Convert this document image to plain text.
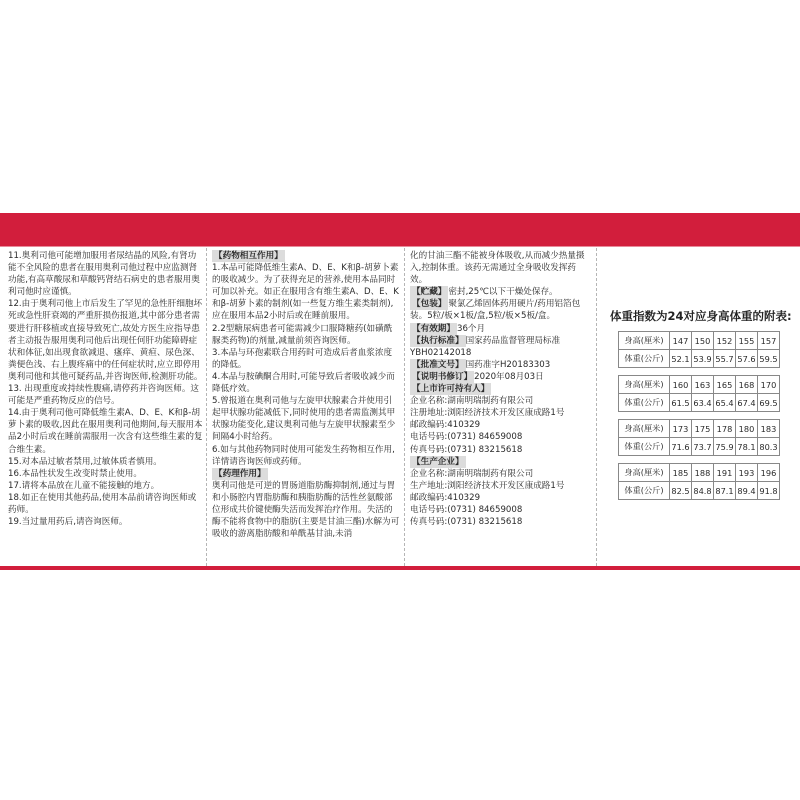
11.奥利司他可能增加服用者尿结晶的风险,有肾功能不全风险的患者在服用奥利司他过程中应监测肾功能,有高草酸尿和草酸钙肾结石病史的患者服用奥利司他时应谨慎。

12.由于奥利司他上市后发生了罕见的急性肝细胞坏死或急性肝衰竭的严重肝损伤报道,其中部分患者需要进行肝移植或直接导致死亡,故处方医生应指导患者主动报告服用奥利司他后出现任何肝功能障碍症状和体征,如出现食欲减退、瘙痒、黄疸、尿色深、粪便色浅、右上腹疼痛中的任何症状时,应立即停用奥利司他和其他可疑药品,并咨询医师,检测肝功能。

13. 出现重度或持续性腹痛,请停药并咨询医师。这可能是严重药物反应的信号。

14.由于奥利司他可降低维生素A、D、E、K和β-胡萝卜素的吸收,因此在服用奥利司他期间,每天服用本品2小时后或在睡前需服用一次含有这些维生素的复合维生素。

15.对本品过敏者禁用,过敏体质者慎用。

16.本品性状发生改变时禁止使用。

17.请将本品放在儿童不能接触的地方。

18.如正在使用其他药品,使用本品前请咨询医师或药师。

19.当过量用药后,请咨询医师。

【药物相互作用】

1.本品可能降低维生素A、D、E、K和β-胡萝卜素的吸收减少。为了获得充足的营养,使用本品同时可加以补充。如正在服用含有维生素A、D、E、K和β-胡萝卜素的制剂(如一些复方维生素类制剂),应在服用本品2小时后或在睡前服用。

2.2型糖尿病患者可能需减少口服降糖药(如磺酰脲类药物)的剂量,减量前须咨询医师。

3.本品与环孢素联合用药时可造成后者血浆浓度的降低。

4.本品与胺碘酮合用时,可能导致后者吸收减少而降低疗效。

5.曾报道在奥利司他与左旋甲状腺素合并使用引起甲状腺功能减低下,同时使用的患者需监测其甲状腺功能变化,建议奥利司他与左旋甲状腺素至少间隔4小时给药。

6.如与其他药物同时使用可能发生药物相互作用,详情请咨询医师或药师。

【药理作用】

奥利司他是可逆的胃肠道脂肪酶抑制剂,通过与胃和小肠腔内胃脂肪酶和胰脂肪酶的活性丝氨酸部位形成共价键使酶失活而发挥治疗作用。失活的酶不能将食物中的脂肪(主要是甘油三酯)水解为可吸收的游离脂肪酸和单酰基甘油,未消

化的甘油三酯不能被身体吸收,从而减少热量摄入,控制体重。该药无需通过全身吸收发挥药效。

【贮藏】 密封,25℃以下干燥处保存。

【包装】 聚氯乙烯固体药用硬片/药用铝箔包装。5粒/板×1板/盒,5粒/板×5板/盒。

【有效期】 36个月

【执行标准】 国家药品监督管理局标准YBH02142018

【批准文号】 国药准字H20183303

【说明书修订】 2020年08月03日

【上市许可持有人】

企业名称:湖南明瑞制药有限公司

注册地址:浏阳经济技术开发区康成路1号

邮政编码:410329

电话号码:(0731) 84659008

传真号码:(0731) 83215618

【生产企业】

企业名称:湖南明瑞制药有限公司

生产地址:浏阳经济技术开发区康成路1号

邮政编码:410329

电话号码:(0731) 84659008

传真号码:(0731) 83215618

体重指数为24对应身高体重的附表:
身高(厘米)	147	150	152	155	157
体重(公斤)	52.1	53.9	55.7	57.6	59.5
身高(厘米)	160	163	165	168	170
体重(公斤)	61.5	63.4	65.4	67.4	69.5
身高(厘米)	173	175	178	180	183
体重(公斤)	71.6	73.7	75.9	78.1	80.3
身高(厘米)	185	188	191	193	196
体重(公斤)	82.5	84.8	87.1	89.4	91.8
